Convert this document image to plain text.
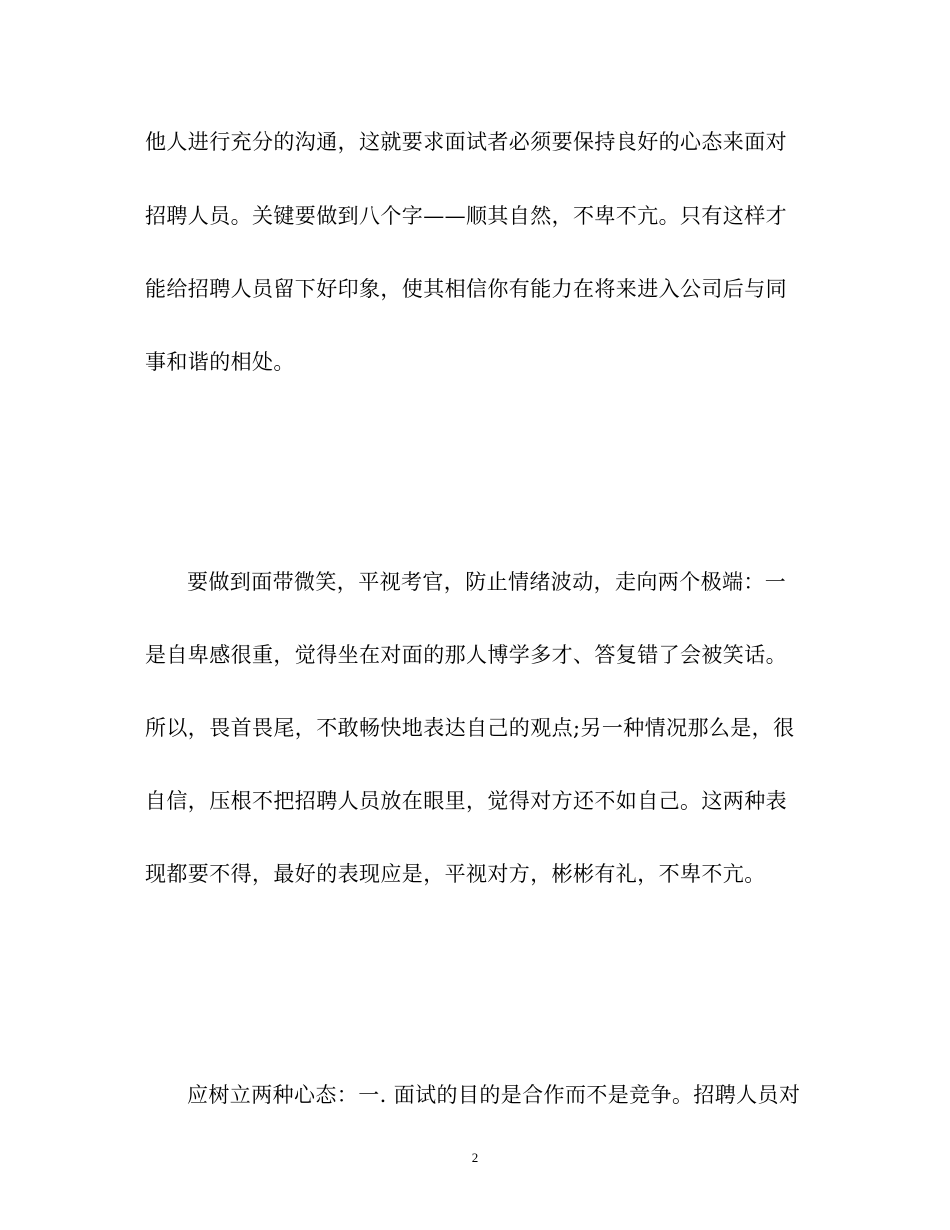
他人进行充分的沟通，这就要求面试者必须要保持良好的心态来面对
招聘人员。关键要做到八个字——顺其自然，不卑不亢。只有这样才
能给招聘人员留下好印象，使其相信你有能力在将来进入公司后与同
事和谐的相处。
要做到面带微笑，平视考官，防止情绪波动，走向两个极端：一
是自卑感很重，觉得坐在对面的那人博学多才、答复错了会被笑话。
所以，畏首畏尾，不敢畅快地表达自己的观点;另一种情况那么是，很
自信，压根不把招聘人员放在眼里，觉得对方还不如自己。这两种表
现都要不得，最好的表现应是，平视对方，彬彬有礼，不卑不亢。
应树立两种心态：一. 面试的目的是合作而不是竞争。招聘人员对
2
